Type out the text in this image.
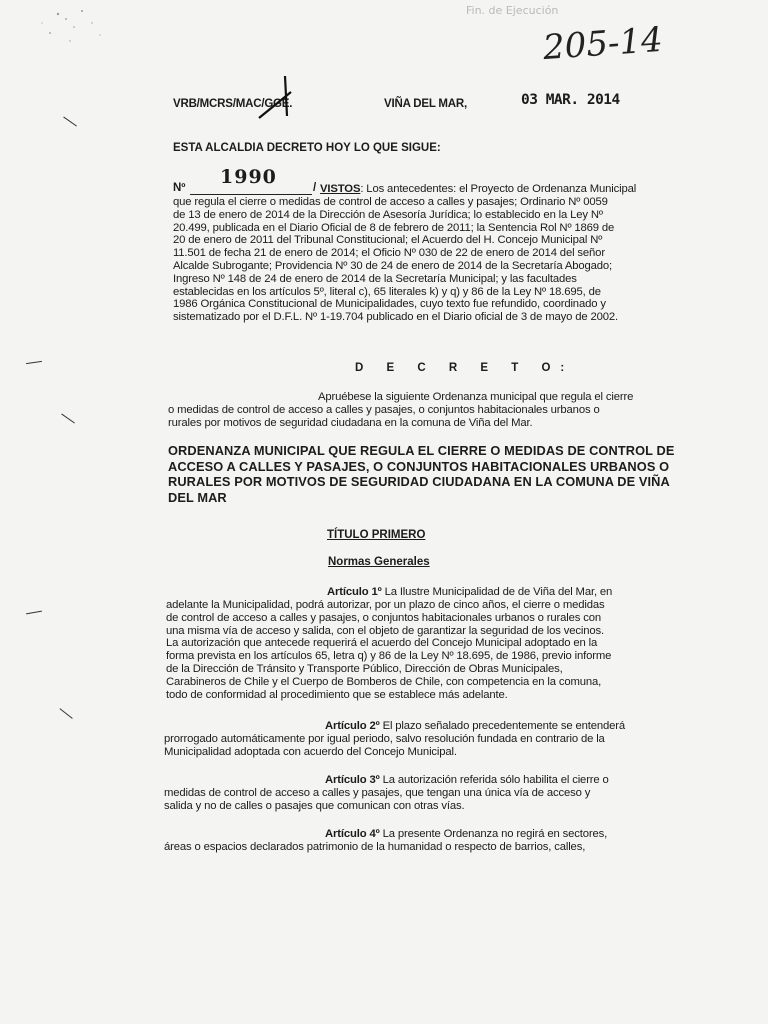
Fin. de Ejecución
205-14
VRB/MCRS/MAC/GGE.	VIÑA DEL MAR,	03 MAR. 2014
ESTA ALCALDIA DECRETO HOY LO QUE SIGUE:
Nº 1990	/ VISTOS: Los antecedentes: el Proyecto de Ordenanza Municipal
que regula el cierre o medidas de control de acceso a calles y pasajes; Ordinario Nº 0059
de 13 de enero de 2014 de la Dirección de Asesoría Jurídica; lo establecido en la Ley Nº
20.499, publicada en el Diario Oficial de 8 de febrero de 2011; la Sentencia Rol Nº 1869 de
20 de enero de 2011 del Tribunal Constitucional; el Acuerdo del H. Concejo Municipal Nº
11.501 de fecha 21 de enero de 2014; el Oficio Nº 030 de 22 de enero de 2014 del señor
Alcalde Subrogante; Providencia Nº 30 de 24 de enero de 2014 de la Secretaría Abogado;
Ingreso Nº 148 de 24 de enero de 2014 de la Secretaría Municipal; y las facultades
establecidas en los artículos 5º, literal c), 65 literales k) y q) y 86 de la Ley Nº 18.695, de
1986 Orgánica Constitucional de Municipalidades, cuyo texto fue refundido, coordinado y
sistematizado por el D.F.L. Nº 1-19.704 publicado en el Diario oficial de 3 de mayo de 2002.
D E C R E T O:
Apruébese la siguiente Ordenanza municipal que regula el cierre
o medidas de control de acceso a calles y pasajes, o conjuntos habitacionales urbanos o
rurales por motivos de seguridad ciudadana en la comuna de Viña del Mar.
ORDENANZA MUNICIPAL QUE REGULA EL CIERRE O MEDIDAS DE CONTROL DE
ACCESO A CALLES Y PASAJES, O CONJUNTOS HABITACIONALES URBANOS O
RURALES POR MOTIVOS DE SEGURIDAD CIUDADANA EN LA COMUNA DE VIÑA
DEL MAR
TÍTULO PRIMERO
Normas Generales
Artículo 1º La Ilustre Municipalidad de de Viña del Mar, en
adelante la Municipalidad, podrá autorizar, por un plazo de cinco años, el cierre o medidas
de control de acceso a calles y pasajes, o conjuntos habitacionales urbanos o rurales con
una misma vía de acceso y salida, con el objeto de garantizar la seguridad de los vecinos.
La autorización que antecede requerirá el acuerdo del Concejo Municipal adoptado en la
forma prevista en los artículos 65, letra q) y 86 de la Ley Nº 18.695, de 1986, previo informe
de la Dirección de Tránsito y Transporte Público, Dirección de Obras Municipales,
Carabineros de Chile y el Cuerpo de Bomberos de Chile, con competencia en la comuna,
todo de conformidad al procedimiento que se establece más adelante.
Artículo 2º El plazo señalado precedentemente se entenderá
prorrogado automáticamente por igual periodo, salvo resolución fundada en contrario de la
Municipalidad adoptada con acuerdo del Concejo Municipal.
Artículo 3º La autorización referida sólo habilita el cierre o
medidas de control de acceso a calles y pasajes, que tengan una única vía de acceso y
salida y no de calles o pasajes que comunican con otras vías.
Artículo 4º La presente Ordenanza no regirá en sectores,
áreas o espacios declarados patrimonio de la humanidad o respecto de barrios, calles,
